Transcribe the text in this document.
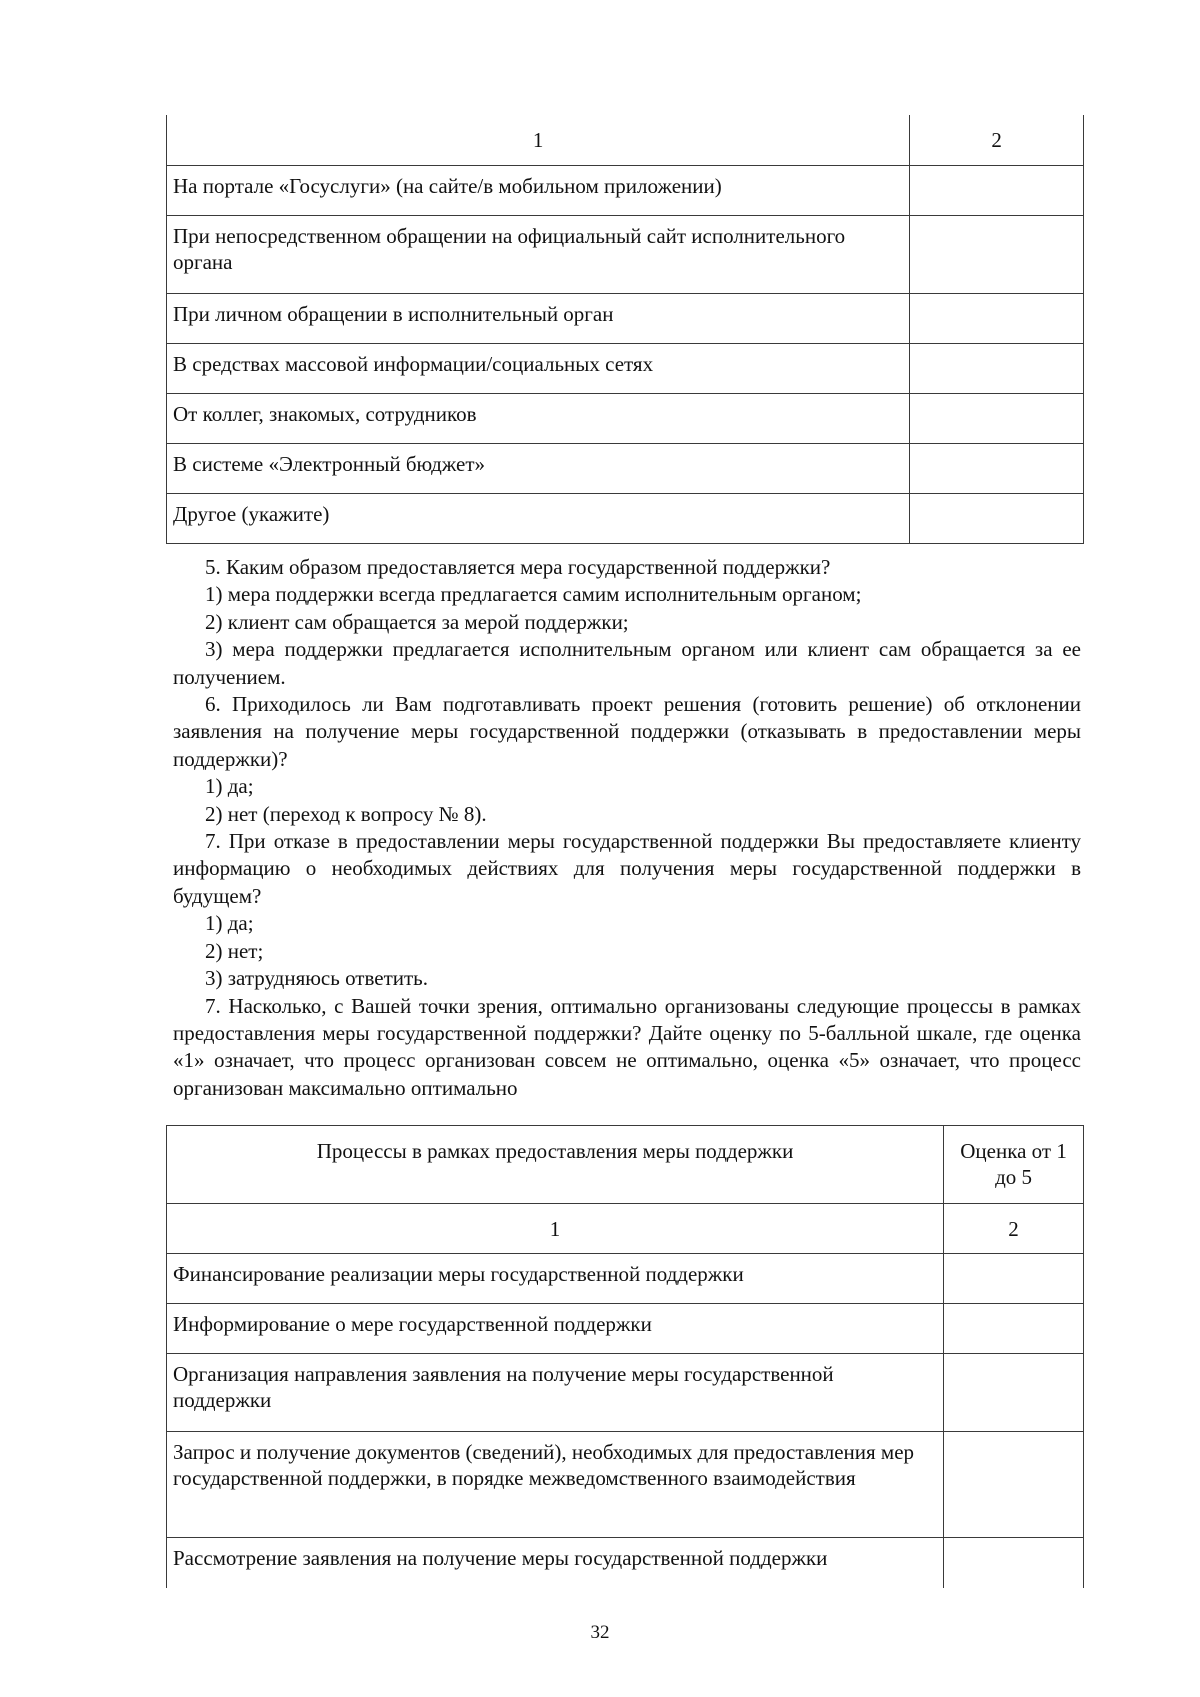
1	2
На портале «Госуслуги» (на сайте/в мобильном приложении)	
При непосредственном обращении на официальный сайт исполнительного органа	
При личном обращении в исполнительный орган	
В средствах массовой информации/социальных сетях	
От коллег, знакомых, сотрудников	
В системе «Электронный бюджет»	
Другое (укажите)	

5. Каким образом предоставляется мера государственной поддержки?

1) мера поддержки всегда предлагается самим исполнительным органом;

2) клиент сам обращается за мерой поддержки;

3) мера поддержки предлагается исполнительным органом или клиент сам обращается за ее получением.

6. Приходилось ли Вам подготавливать проект решения (готовить решение) об отклонении заявления на получение меры государственной поддержки (отказывать в предоставлении меры поддержки)?

1) да;

2) нет (переход к вопросу № 8).

7. При отказе в предоставлении меры государственной поддержки Вы предоставляете клиенту информацию о необходимых действиях для получения меры государственной поддержки в будущем?

1) да;

2) нет;

3) затрудняюсь ответить.

7. Насколько, с Вашей точки зрения, оптимально организованы следующие процессы в рамках предоставления меры государственной поддержки? Дайте оценку по 5-балльной шкале, где оценка «1» означает, что процесс организован совсем не оптимально, оценка «5» означает, что процесс организован максимально оптимально

Процессы в рамках предоставления меры поддержки	Оценка от 1 до 5
1	2
Финансирование реализации меры государственной поддержки	
Информирование о мере государственной поддержки	
Организация направления заявления на получение меры государственной поддержки	
Запрос и получение документов (сведений), необходимых для предоставления мер государственной поддержки, в порядке межведомственного взаимодействия	
Рассмотрение заявления на получение меры государственной поддержки	
32
